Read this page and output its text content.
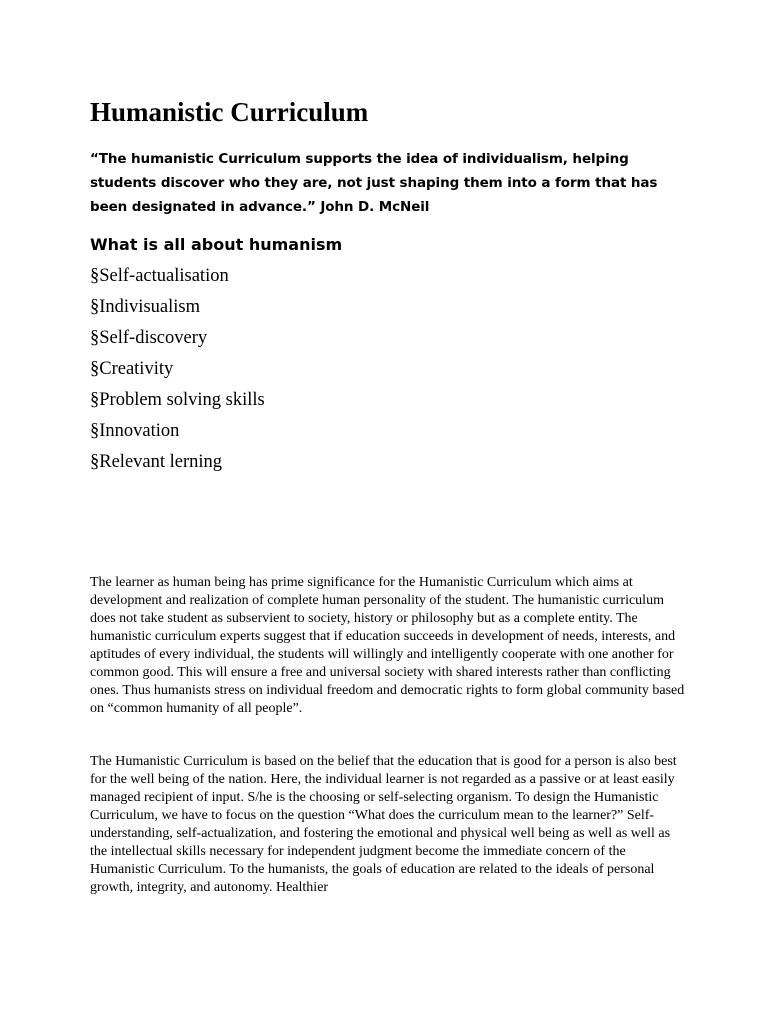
Humanistic Curriculum

“The humanistic Curriculum supports the idea of individualism, helping students discover who they are, not just shaping them into a form that has been designated in advance.” John D. McNeil

What is all about humanism
§Self-actualisation
§Indivisualism
§Self-discovery
§Creativity
§Problem solving skills
§Innovation
§Relevant lerning

The learner as human being has prime significance for the Humanistic Curriculum which aims at development and realization of complete human personality of the student. The humanistic curriculum does not take student as subservient to society, history or philosophy but as a complete entity. The humanistic curriculum experts suggest that if education succeeds in development of needs, interests, and aptitudes of every individual, the students will willingly and intelligently cooperate with one another for common good. This will ensure a free and universal society with shared interests rather than conflicting ones. Thus humanists stress on individual freedom and democratic rights to form global community based on “common humanity of all people”.

The Humanistic Curriculum is based on the belief that the education that is good for a person is also best for the well being of the nation. Here, the individual learner is not regarded as a passive or at least easily managed recipient of input. S/he is the choosing or self-selecting organism. To design the Humanistic Curriculum, we have to focus on the question “What does the curriculum mean to the learner?” Self-understanding, self-actualization, and fostering the emotional and physical well being as well as well as the intellectual skills necessary for independent judgment become the immediate concern of the Humanistic Curriculum. To the humanists, the goals of education are related to the ideals of personal growth, integrity, and autonomy. Healthier
